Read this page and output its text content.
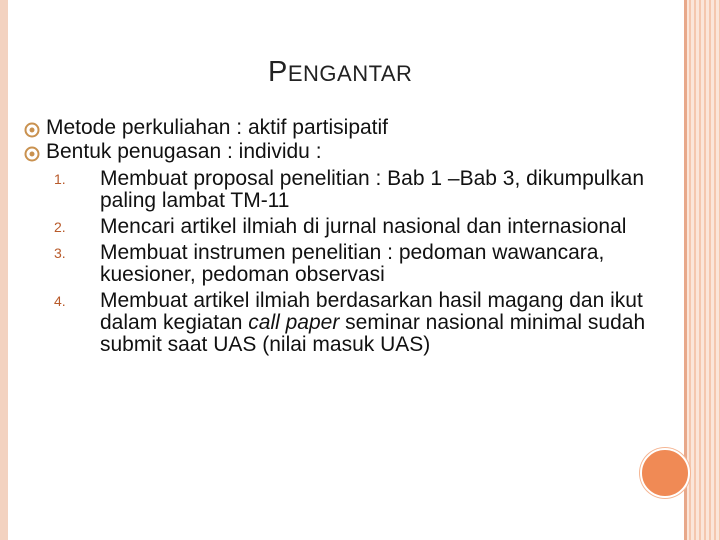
PENGANTAR
Metode perkuliahan : aktif partisipatif
Bentuk penugasan : individu :
1.	Membuat proposal penelitian : Bab 1 –Bab 3, dikumpulkan paling lambat TM-11
2.	Mencari artikel ilmiah di jurnal nasional dan internasional
3.	Membuat instrumen penelitian : pedoman wawancara, kuesioner, pedoman observasi
4.	Membuat artikel ilmiah berdasarkan hasil magang dan ikut dalam kegiatan call paper seminar nasional minimal sudah submit saat UAS (nilai masuk UAS)
